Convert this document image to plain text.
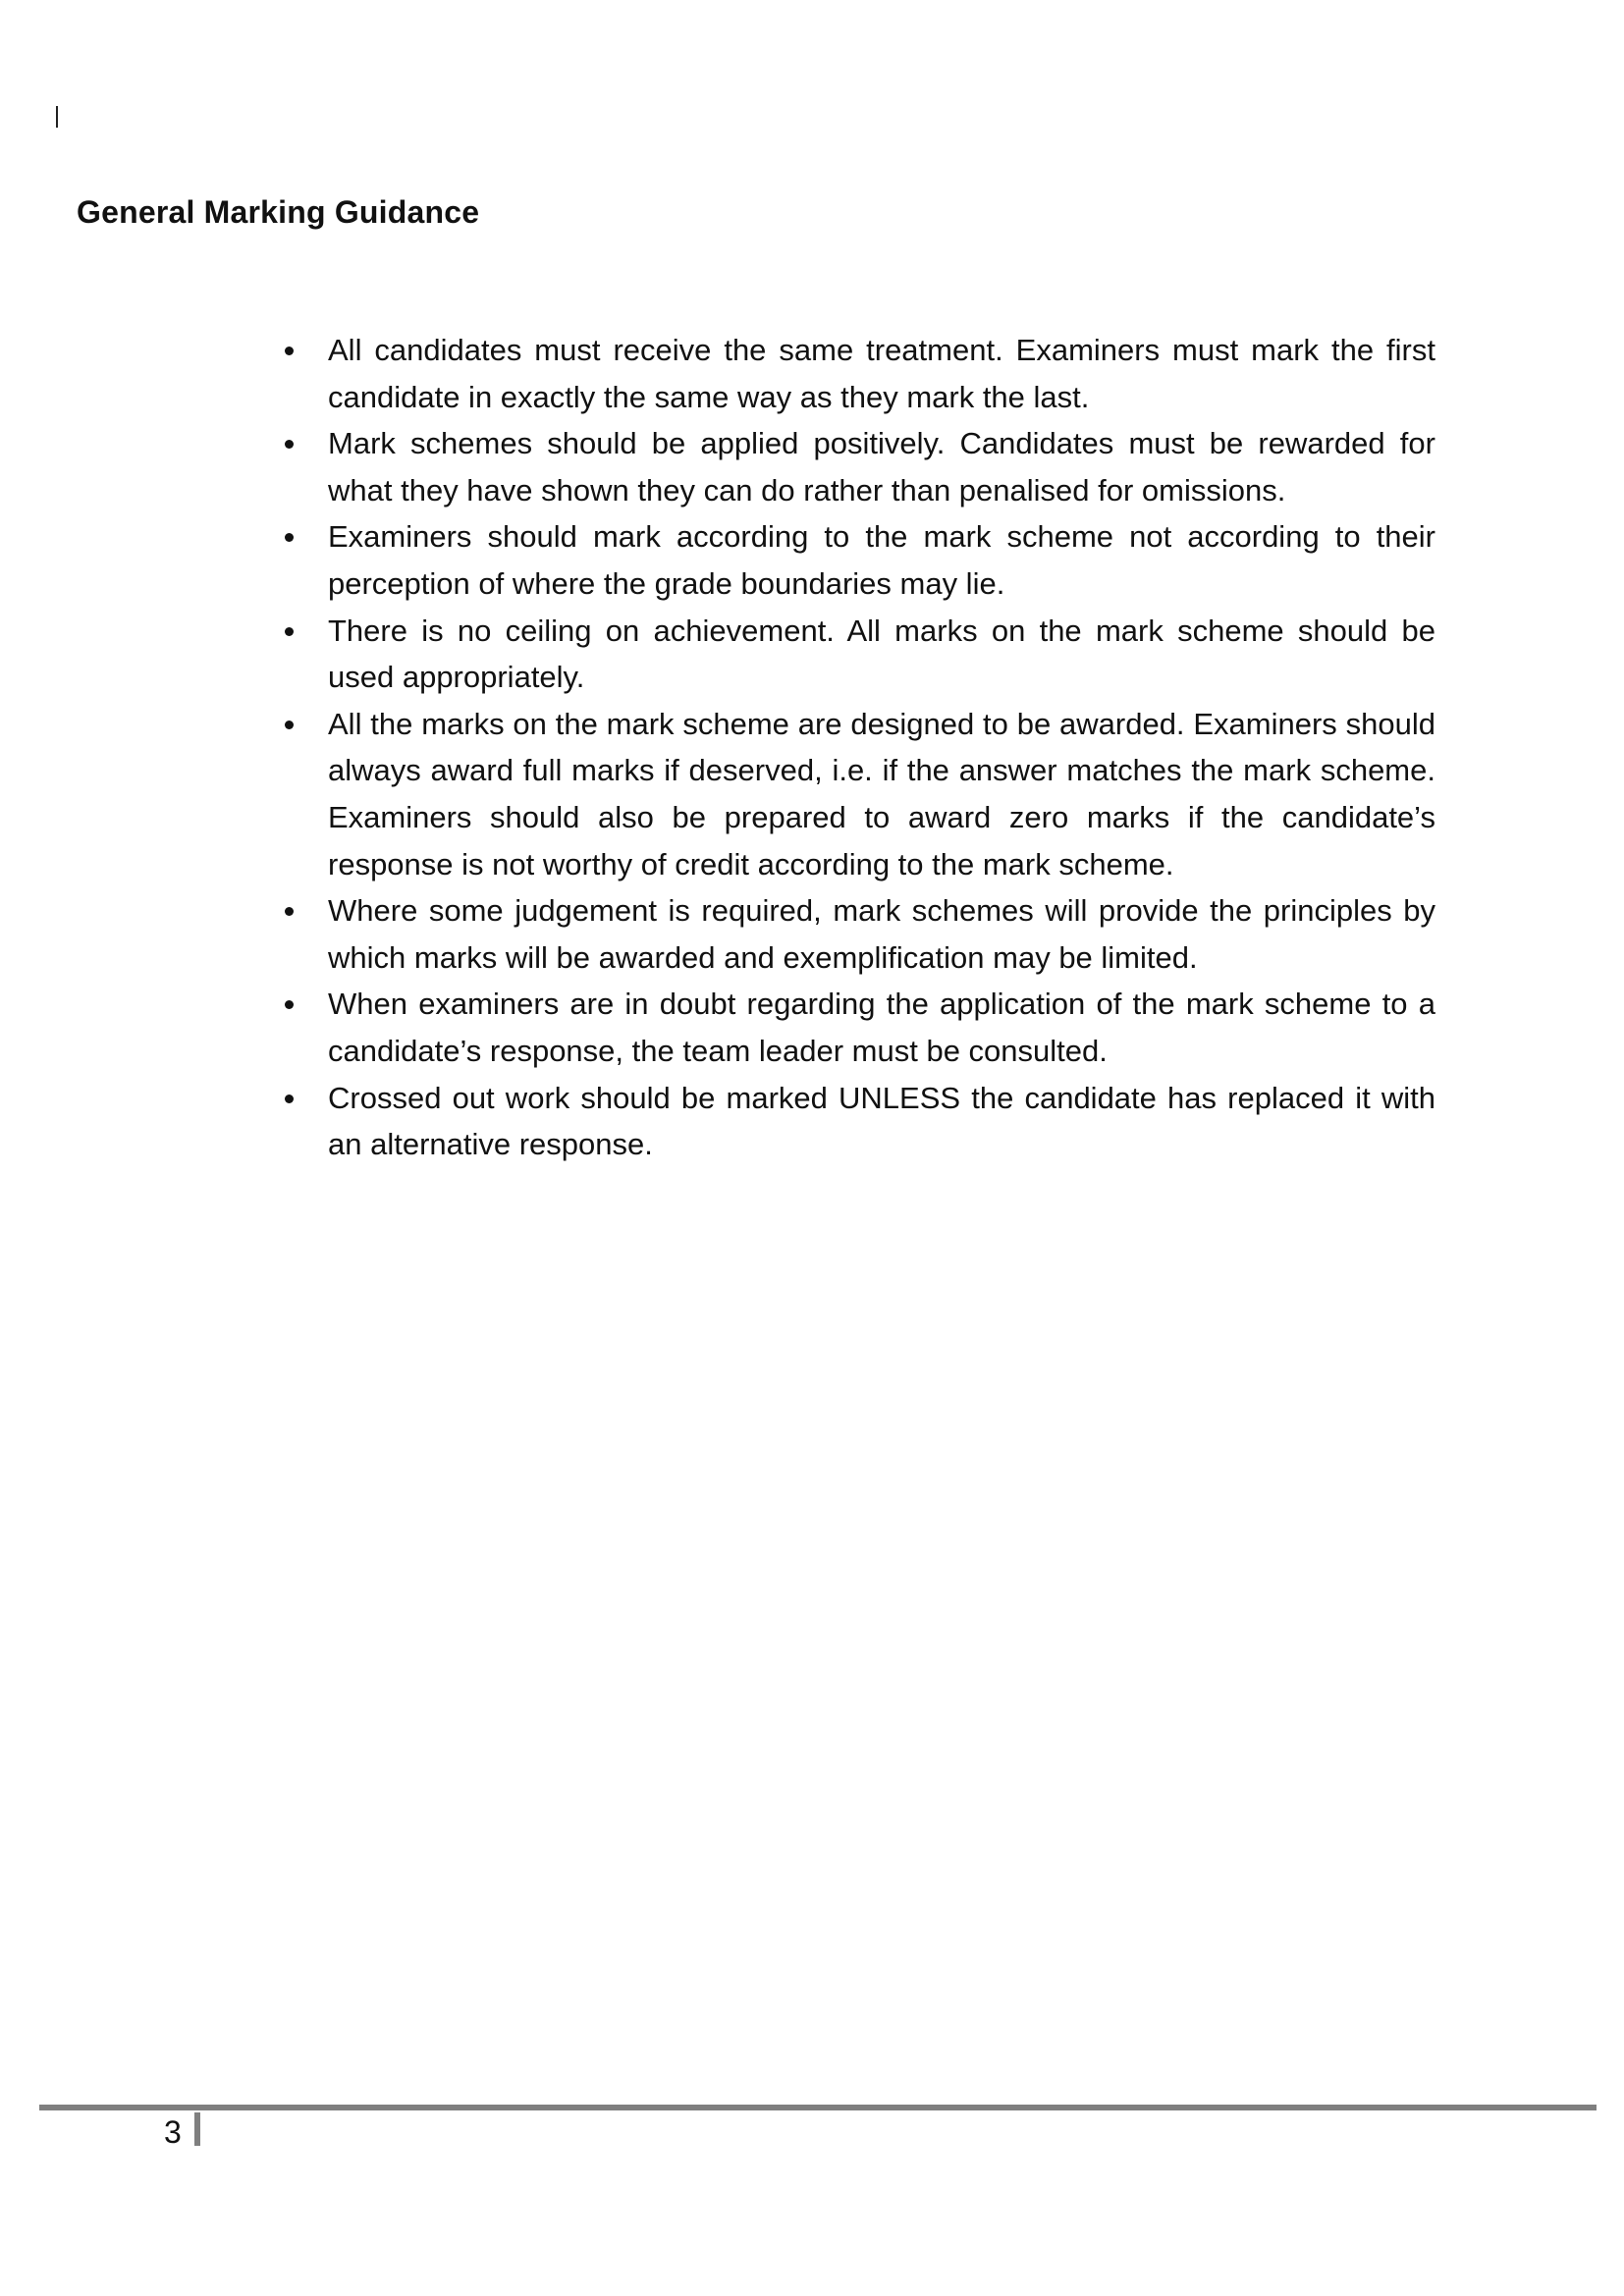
General Marking Guidance
All candidates must receive the same treatment. Examiners must mark the first candidate in exactly the same way as they mark the last.
Mark schemes should be applied positively. Candidates must be rewarded for what they have shown they can do rather than penalised for omissions.
Examiners should mark according to the mark scheme not according to their perception of where the grade boundaries may lie.
There is no ceiling on achievement. All marks on the mark scheme should be used appropriately.
All the marks on the mark scheme are designed to be awarded. Examiners should always award full marks if deserved, i.e. if the answer matches the mark scheme. Examiners should also be prepared to award zero marks if the candidate’s response is not worthy of credit according to the mark scheme.
Where some judgement is required, mark schemes will provide the principles by which marks will be awarded and exemplification may be limited.
When examiners are in doubt regarding the application of the mark scheme to a candidate’s response, the team leader must be consulted.
Crossed out work should be marked UNLESS the candidate has replaced it with an alternative response.
3
